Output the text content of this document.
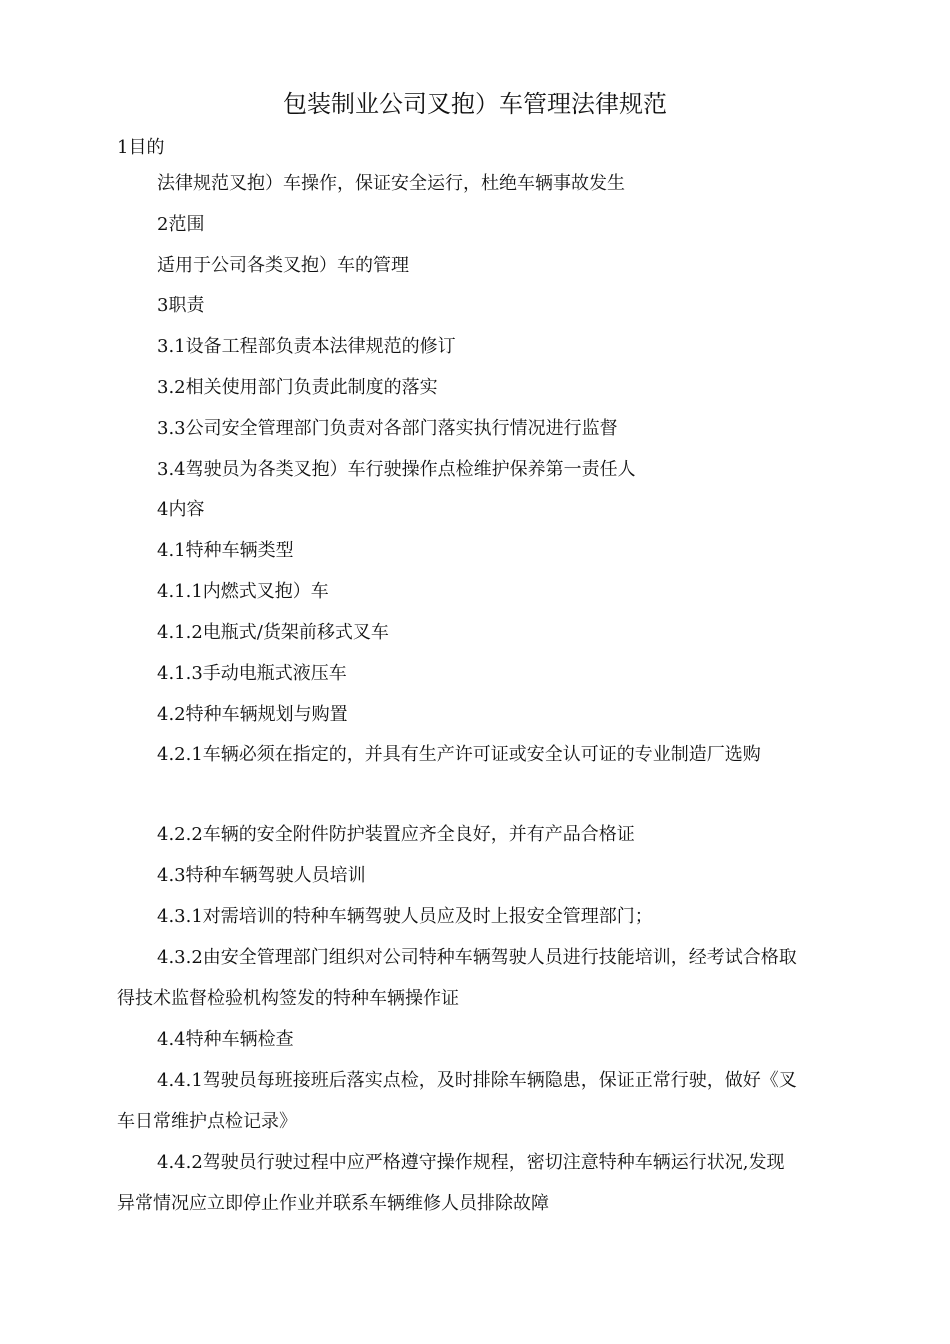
包装制业公司叉抱）车管理法律规范
1目的
法律规范叉抱）车操作，保证安全运行，杜绝车辆事故发生
2范围
适用于公司各类叉抱）车的管理
3职责
3.1设备工程部负责本法律规范的修订
3.2相关使用部门负责此制度的落实
3.3公司安全管理部门负责对各部门落实执行情况进行监督
3.4驾驶员为各类叉抱）车行驶操作点检维护保养第一责任人
4内容
4.1特种车辆类型
4.1.1内燃式叉抱）车
4.1.2电瓶式/货架前移式叉车
4.1.3手动电瓶式液压车
4.2特种车辆规划与购置
4.2.1车辆必须在指定的，并具有生产许可证或安全认可证的专业制造厂选购
4.2.2车辆的安全附件防护装置应齐全良好，并有产品合格证
4.3特种车辆驾驶人员培训
4.3.1对需培训的特种车辆驾驶人员应及时上报安全管理部门；
4.3.2由安全管理部门组织对公司特种车辆驾驶人员进行技能培训，经考试合格取
得技术监督检验机构签发的特种车辆操作证
4.4特种车辆检查
4.4.1驾驶员每班接班后落实点检，及时排除车辆隐患，保证正常行驶，做好《叉
车日常维护点检记录》
4.4.2驾驶员行驶过程中应严格遵守操作规程，密切注意特种车辆运行状况,发现
异常情况应立即停止作业并联系车辆维修人员排除故障
